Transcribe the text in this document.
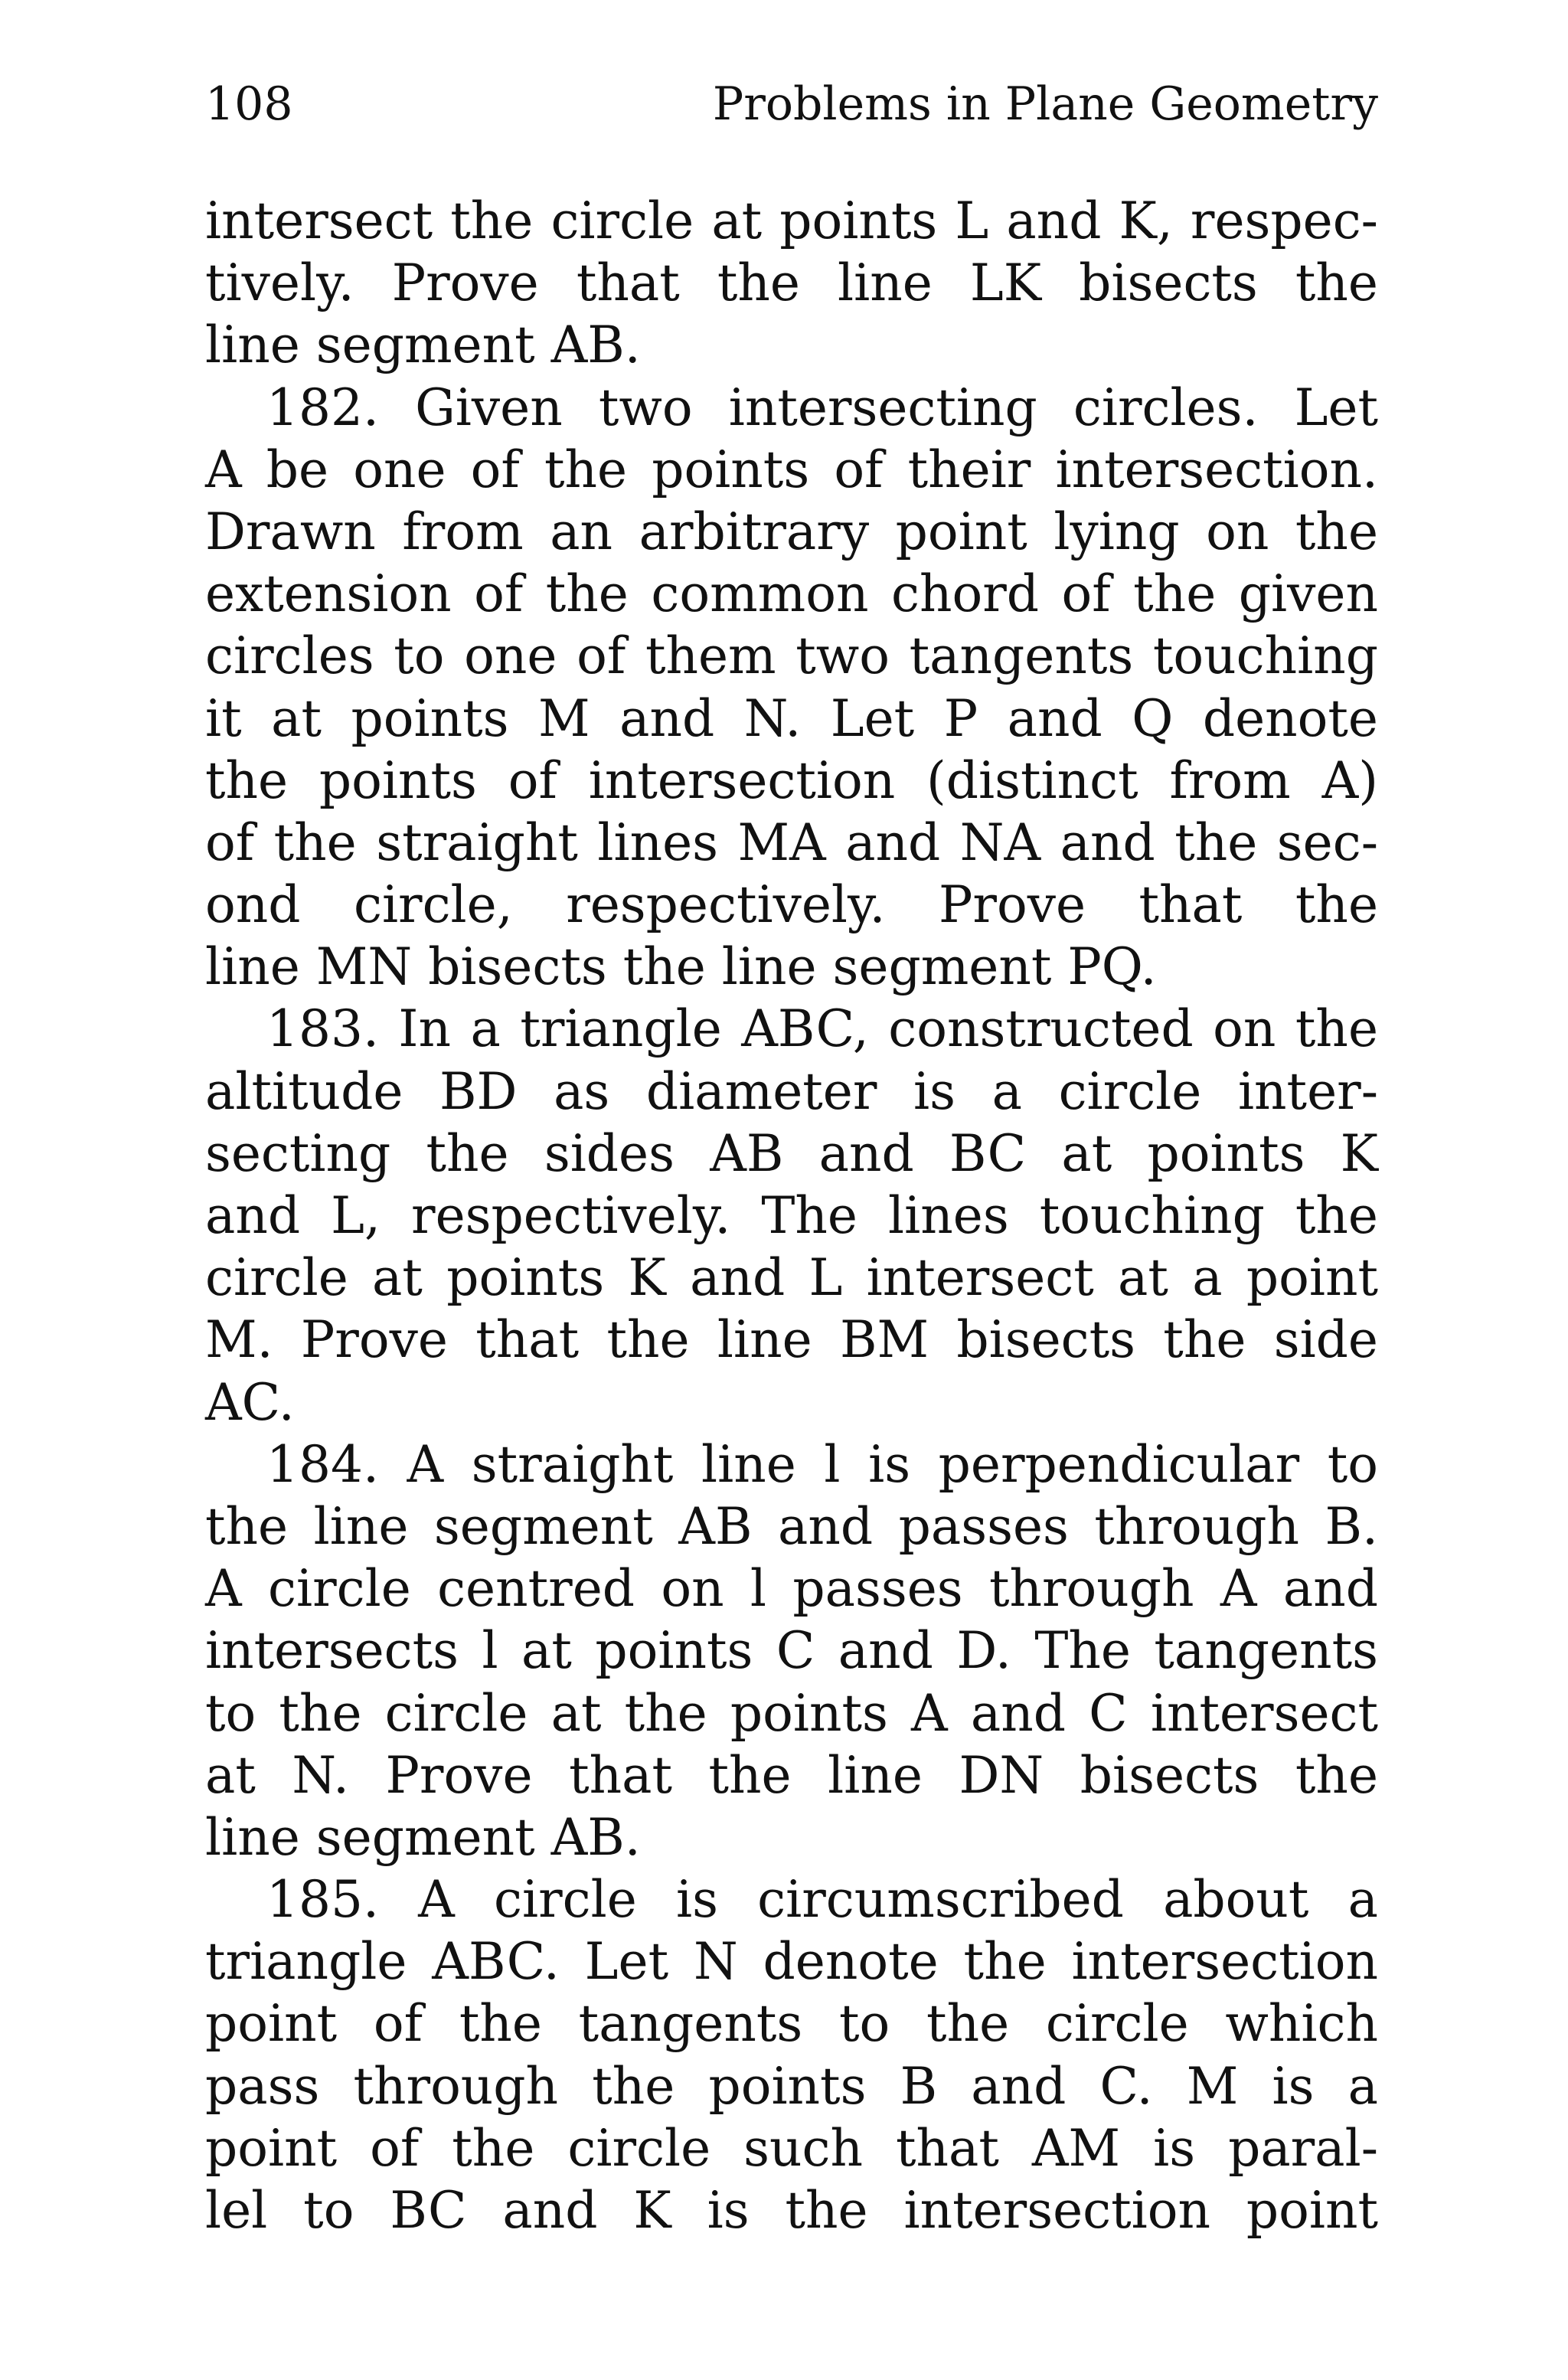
108	Problems in Plane Geometry
intersect the circle at points L and K, respec-
tively. Prove that the line LK bisects the
line segment AB.
182. Given two intersecting circles. Let
A be one of the points of their intersection.
Drawn from an arbitrary point lying on the
extension of the common chord of the given
circles to one of them two tangents touching
it at points M and N. Let P and Q denote
the points of intersection (distinct from A)
of the straight lines MA and NA and the sec-
ond circle, respectively. Prove that the
line MN bisects the line segment PQ.
183. In a triangle ABC, constructed on the
altitude BD as diameter is a circle inter-
secting the sides AB and BC at points K
and L, respectively. The lines touching the
circle at points K and L intersect at a point
M. Prove that the line BM bisects the side
AC.
184. A straight line l is perpendicular to
the line segment AB and passes through B.
A circle centred on l passes through A and
intersects l at points C and D. The tangents
to the circle at the points A and C intersect
at N. Prove that the line DN bisects the
line segment AB.
185. A circle is circumscribed about a
triangle ABC. Let N denote the intersection
point of the tangents to the circle which
pass through the points B and C. M is a
point of the circle such that AM is paral-
lel to BC and K is the intersection point
